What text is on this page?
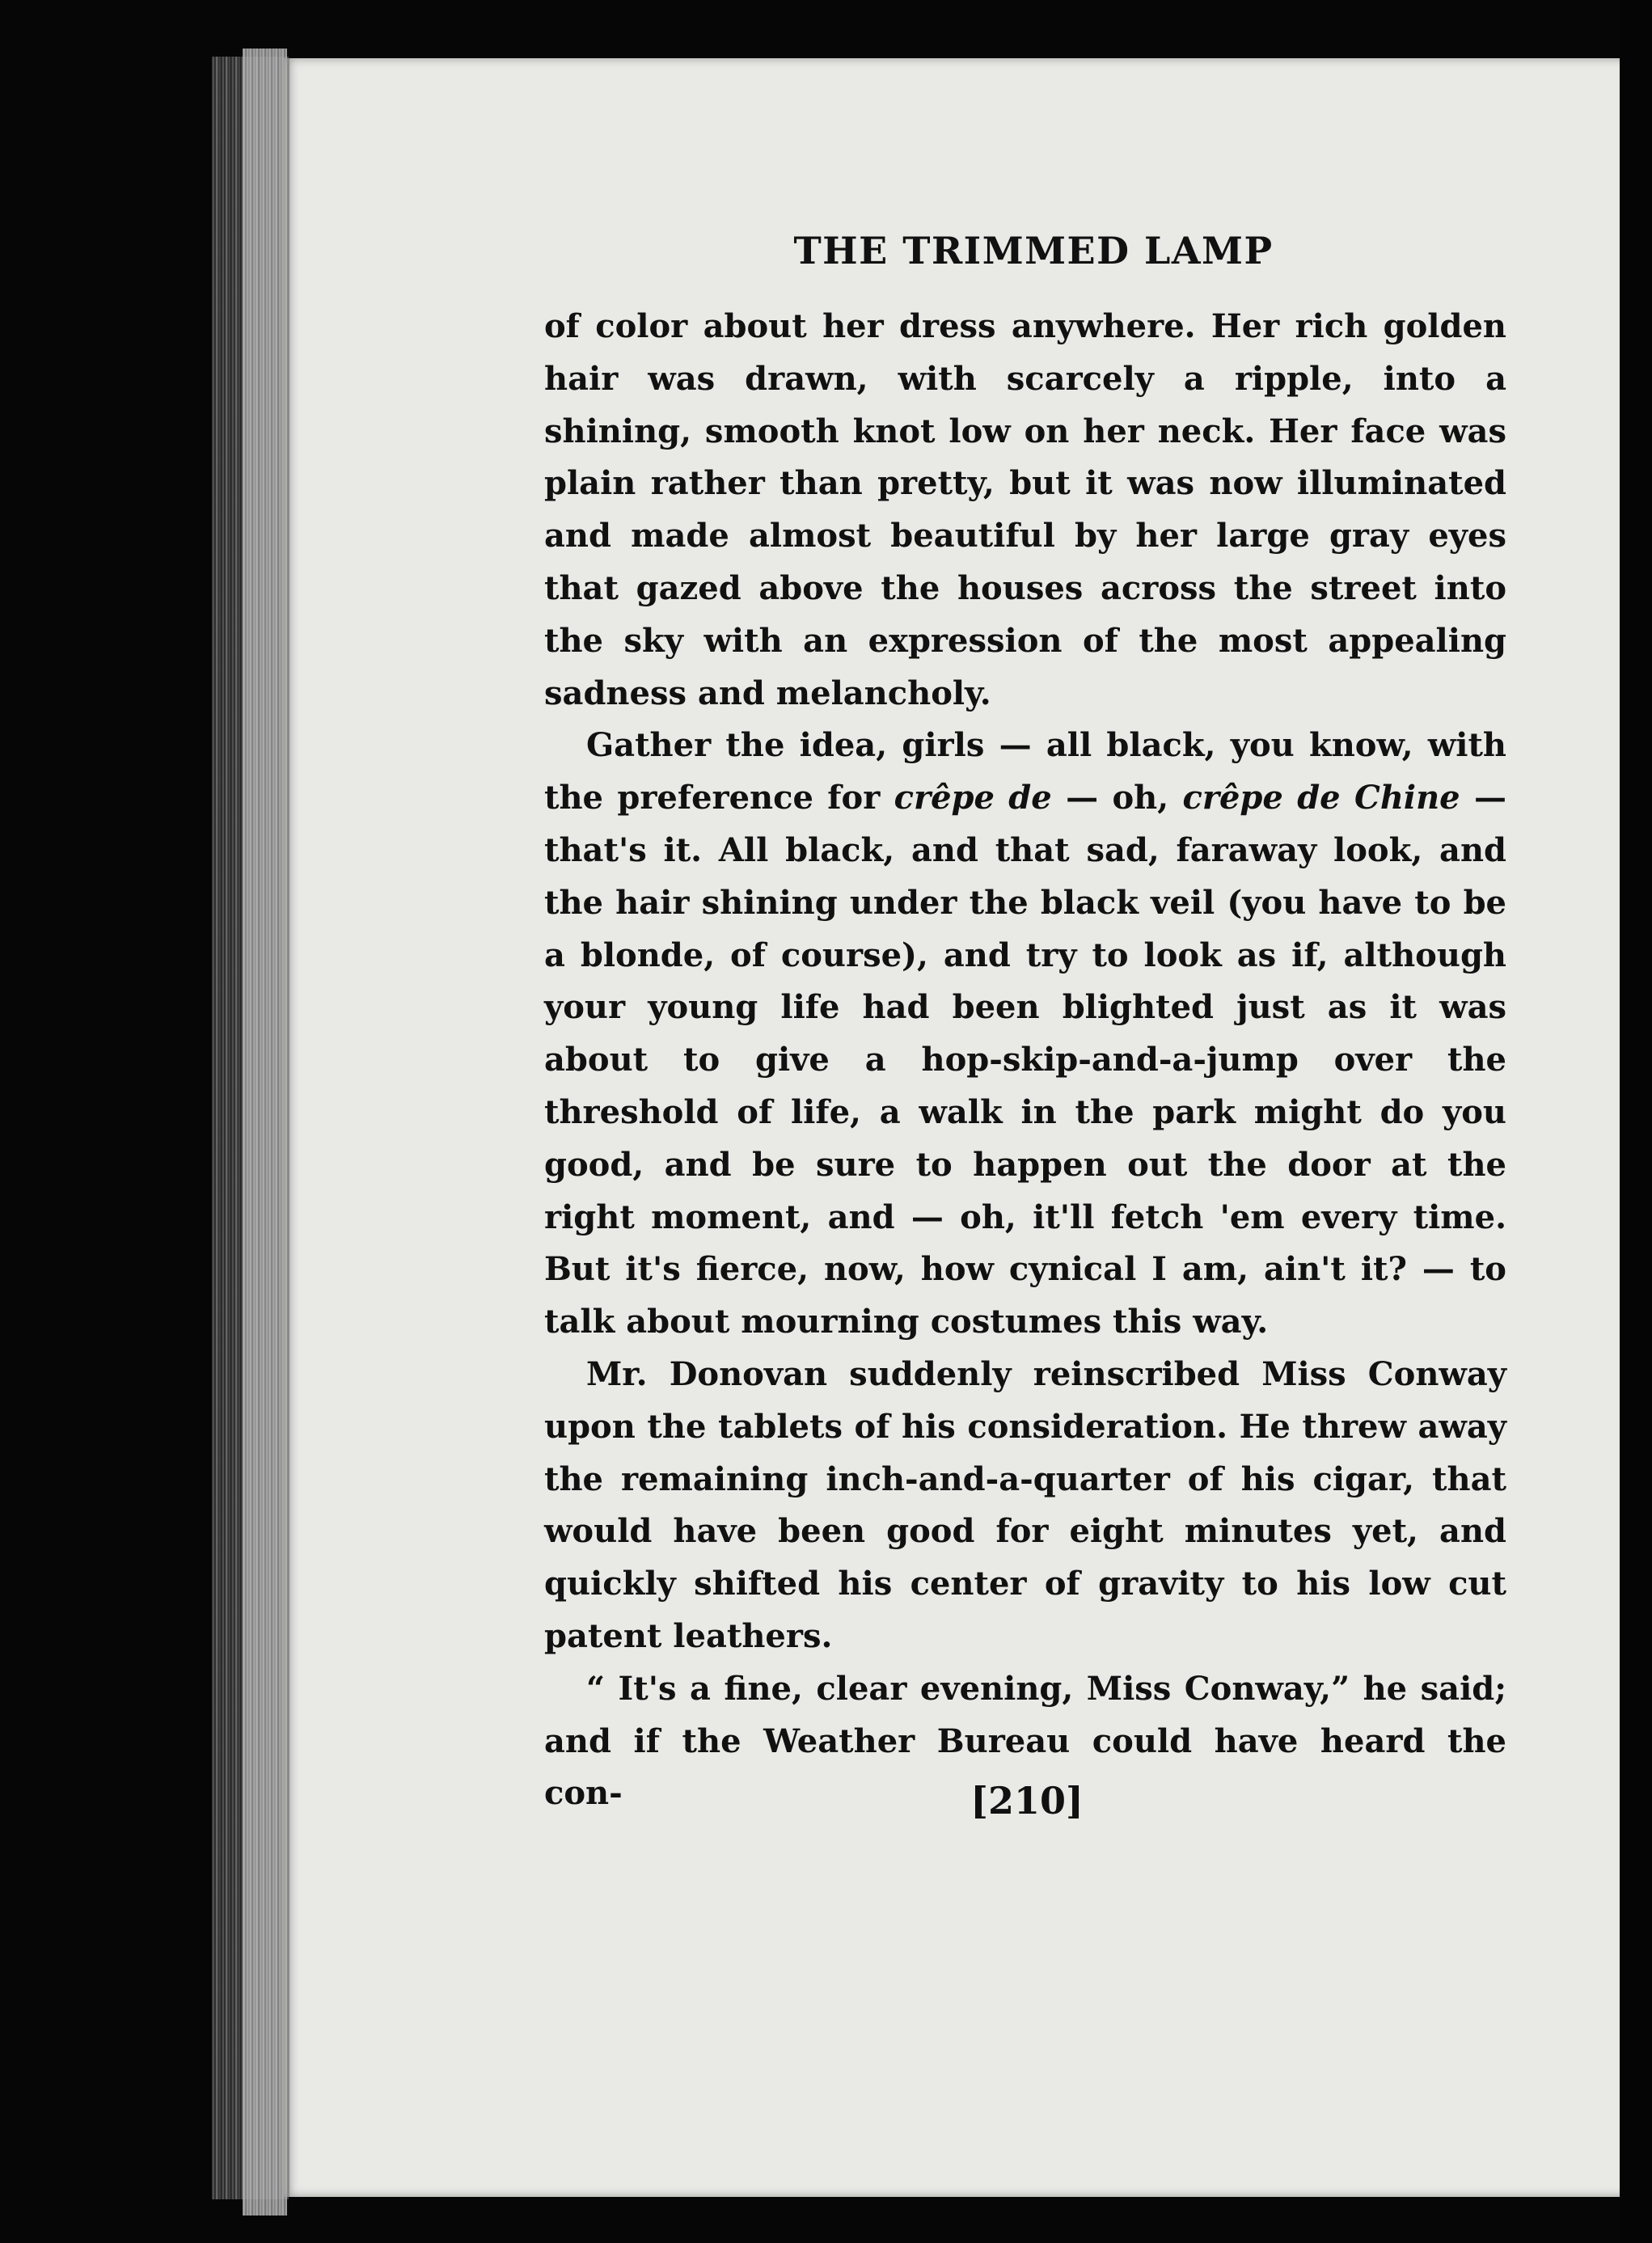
THE TRIMMED LAMP

of color about her dress anywhere. Her rich golden hair was drawn, with scarcely a ripple, into a shining, smooth knot low on her neck. Her face was plain rather than pretty, but it was now illuminated and made almost beautiful by her large gray eyes that gazed above the houses across the street into the sky with an expression of the most appealing sadness and melancholy.

Gather the idea, girls — all black, you know, with the preference for crêpe de — oh, crêpe de Chine — that's it. All black, and that sad, faraway look, and the hair shining under the black veil (you have to be a blonde, of course), and try to look as if, although your young life had been blighted just as it was about to give a hop-skip-and-a-jump over the threshold of life, a walk in the park might do you good, and be sure to happen out the door at the right moment, and — oh, it'll fetch 'em every time. But it's fierce, now, how cynical I am, ain't it? — to talk about mourning costumes this way.

Mr. Donovan suddenly reinscribed Miss Conway upon the tablets of his consideration. He threw away the remaining inch-and-a-quarter of his cigar, that would have been good for eight minutes yet, and quickly shifted his center of gravity to his low cut patent leathers.

“ It's a fine, clear evening, Miss Conway,” he said; and if the Weather Bureau could have heard the con-	[210]
